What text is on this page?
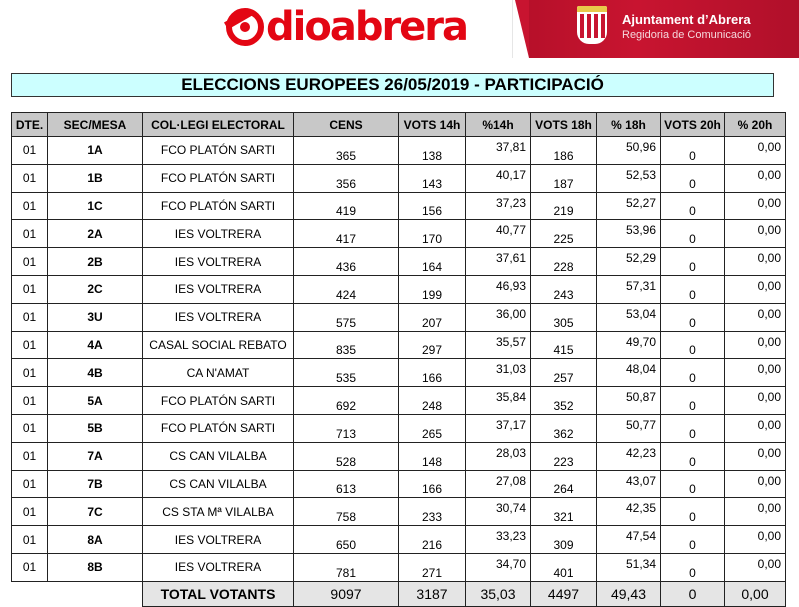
dioabrera	Ajuntament d’Abrera
Regidoria de Comunicació
ELECCIONS EUROPEES 26/05/2019 - PARTICIPACIÓ
DTE.	SEC/MESA	COL·LEGI ELECTORAL	CENS	VOTS 14h	%14h	VOTS 18h	% 18h	VOTS 20h	% 20h
01	1A	FCO PLATÓN SARTI	365	138	37,81	186	50,96	0	0,00
01	1B	FCO PLATÓN SARTI	356	143	40,17	187	52,53	0	0,00
01	1C	FCO PLATÓN SARTI	419	156	37,23	219	52,27	0	0,00
01	2A	IES VOLTRERA	417	170	40,77	225	53,96	0	0,00
01	2B	IES VOLTRERA	436	164	37,61	228	52,29	0	0,00
01	2C	IES VOLTRERA	424	199	46,93	243	57,31	0	0,00
01	3U	IES VOLTRERA	575	207	36,00	305	53,04	0	0,00
01	4A	CASAL SOCIAL REBATO	835	297	35,57	415	49,70	0	0,00
01	4B	CA N'AMAT	535	166	31,03	257	48,04	0	0,00
01	5A	FCO PLATÓN SARTI	692	248	35,84	352	50,87	0	0,00
01	5B	FCO PLATÓN SARTI	713	265	37,17	362	50,77	0	0,00
01	7A	CS CAN VILALBA	528	148	28,03	223	42,23	0	0,00
01	7B	CS CAN VILALBA	613	166	27,08	264	43,07	0	0,00
01	7C	CS STA Mª VILALBA	758	233	30,74	321	42,35	0	0,00
01	8A	IES VOLTRERA	650	216	33,23	309	47,54	0	0,00
01	8B	IES VOLTRERA	781	271	34,70	401	51,34	0	0,00
		TOTAL VOTANTS	9097	3187	35,03	4497	49,43	0	0,00
